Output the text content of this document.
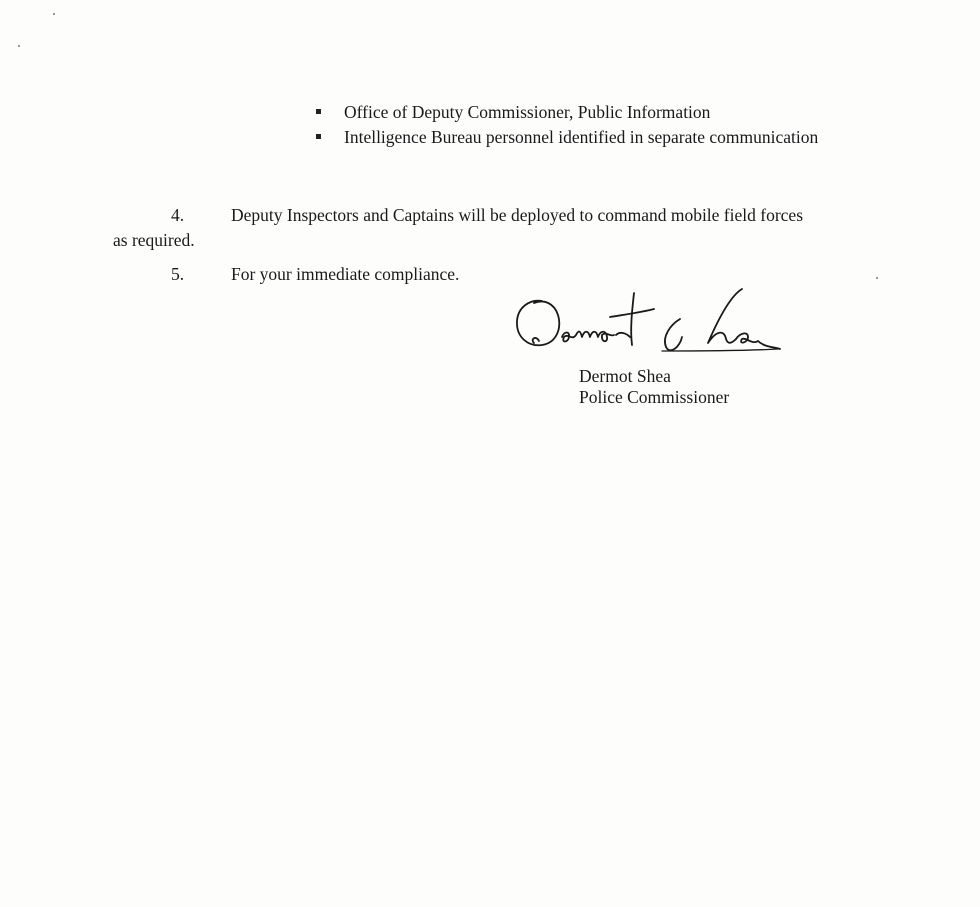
Office of Deputy Commissioner, Public Information
Intelligence Bureau personnel identified in separate communication
4.	Deputy Inspectors and Captains will be deployed to command mobile field forces
as required.
5.	For your immediate compliance.
Dermot Shea
Dermot Shea
Police Commissioner
